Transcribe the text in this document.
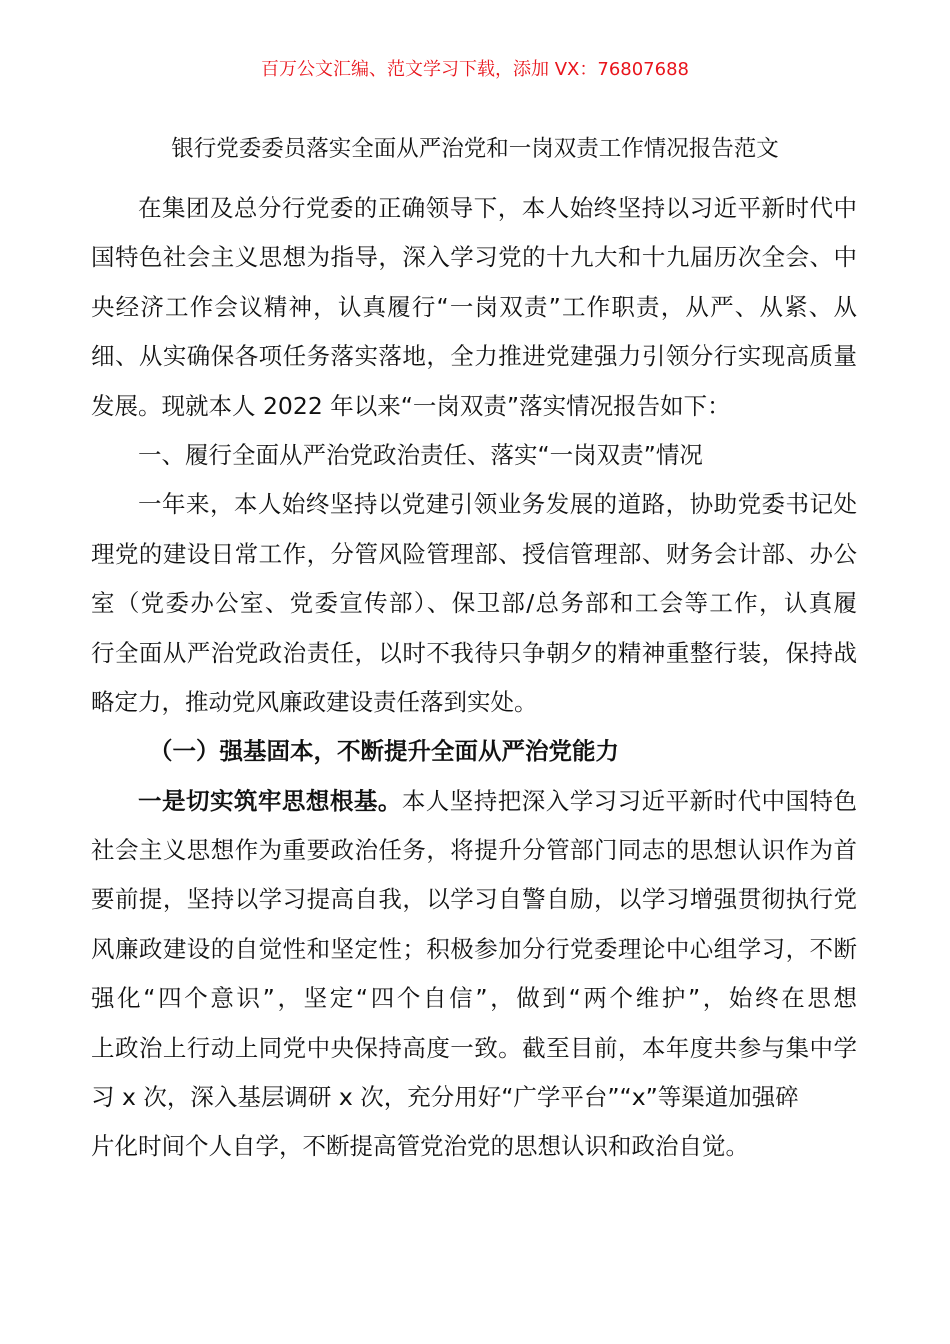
百万公文汇编、范文学习下载，添加 VX：76807688
银行党委委员落实全面从严治党和一岗双责工作情况报告范文
在集团及总分行党委的正确领导下，本人始终坚持以习近平新时代中
国特色社会主义思想为指导，深入学习党的十九大和十九届历次全会、中
央经济工作会议精神，认真履行“一岗双责”工作职责，从严、从紧、从
细、从实确保各项任务落实落地，全力推进党建强力引领分行实现高质量
发展。现就本人 2022 年以来“一岗双责”落实情况报告如下：
一、履行全面从严治党政治责任、落实“一岗双责”情况
一年来，本人始终坚持以党建引领业务发展的道路，协助党委书记处
理党的建设日常工作，分管风险管理部、授信管理部、财务会计部、办公
室（党委办公室、党委宣传部）、保卫部/总务部和工会等工作，认真履
行全面从严治党政治责任，以时不我待只争朝夕的精神重整行装，保持战
略定力，推动党风廉政建设责任落到实处。
（一）强基固本，不断提升全面从严治党能力
一是切实筑牢思想根基。本人坚持把深入学习习近平新时代中国特色
社会主义思想作为重要政治任务，将提升分管部门同志的思想认识作为首
要前提，坚持以学习提高自我，以学习自警自励，以学习增强贯彻执行党
风廉政建设的自觉性和坚定性；积极参加分行党委理论中心组学习，不断
强化“四个意识”，坚定“四个自信”，做到“两个维护”，始终在思想
上政治上行动上同党中央保持高度一致。截至目前，本年度共参与集中学
习 x 次，深入基层调研 x 次，充分用好“广学平台”“x”等渠道加强碎
片化时间个人自学，不断提高管党治党的思想认识和政治自觉。
